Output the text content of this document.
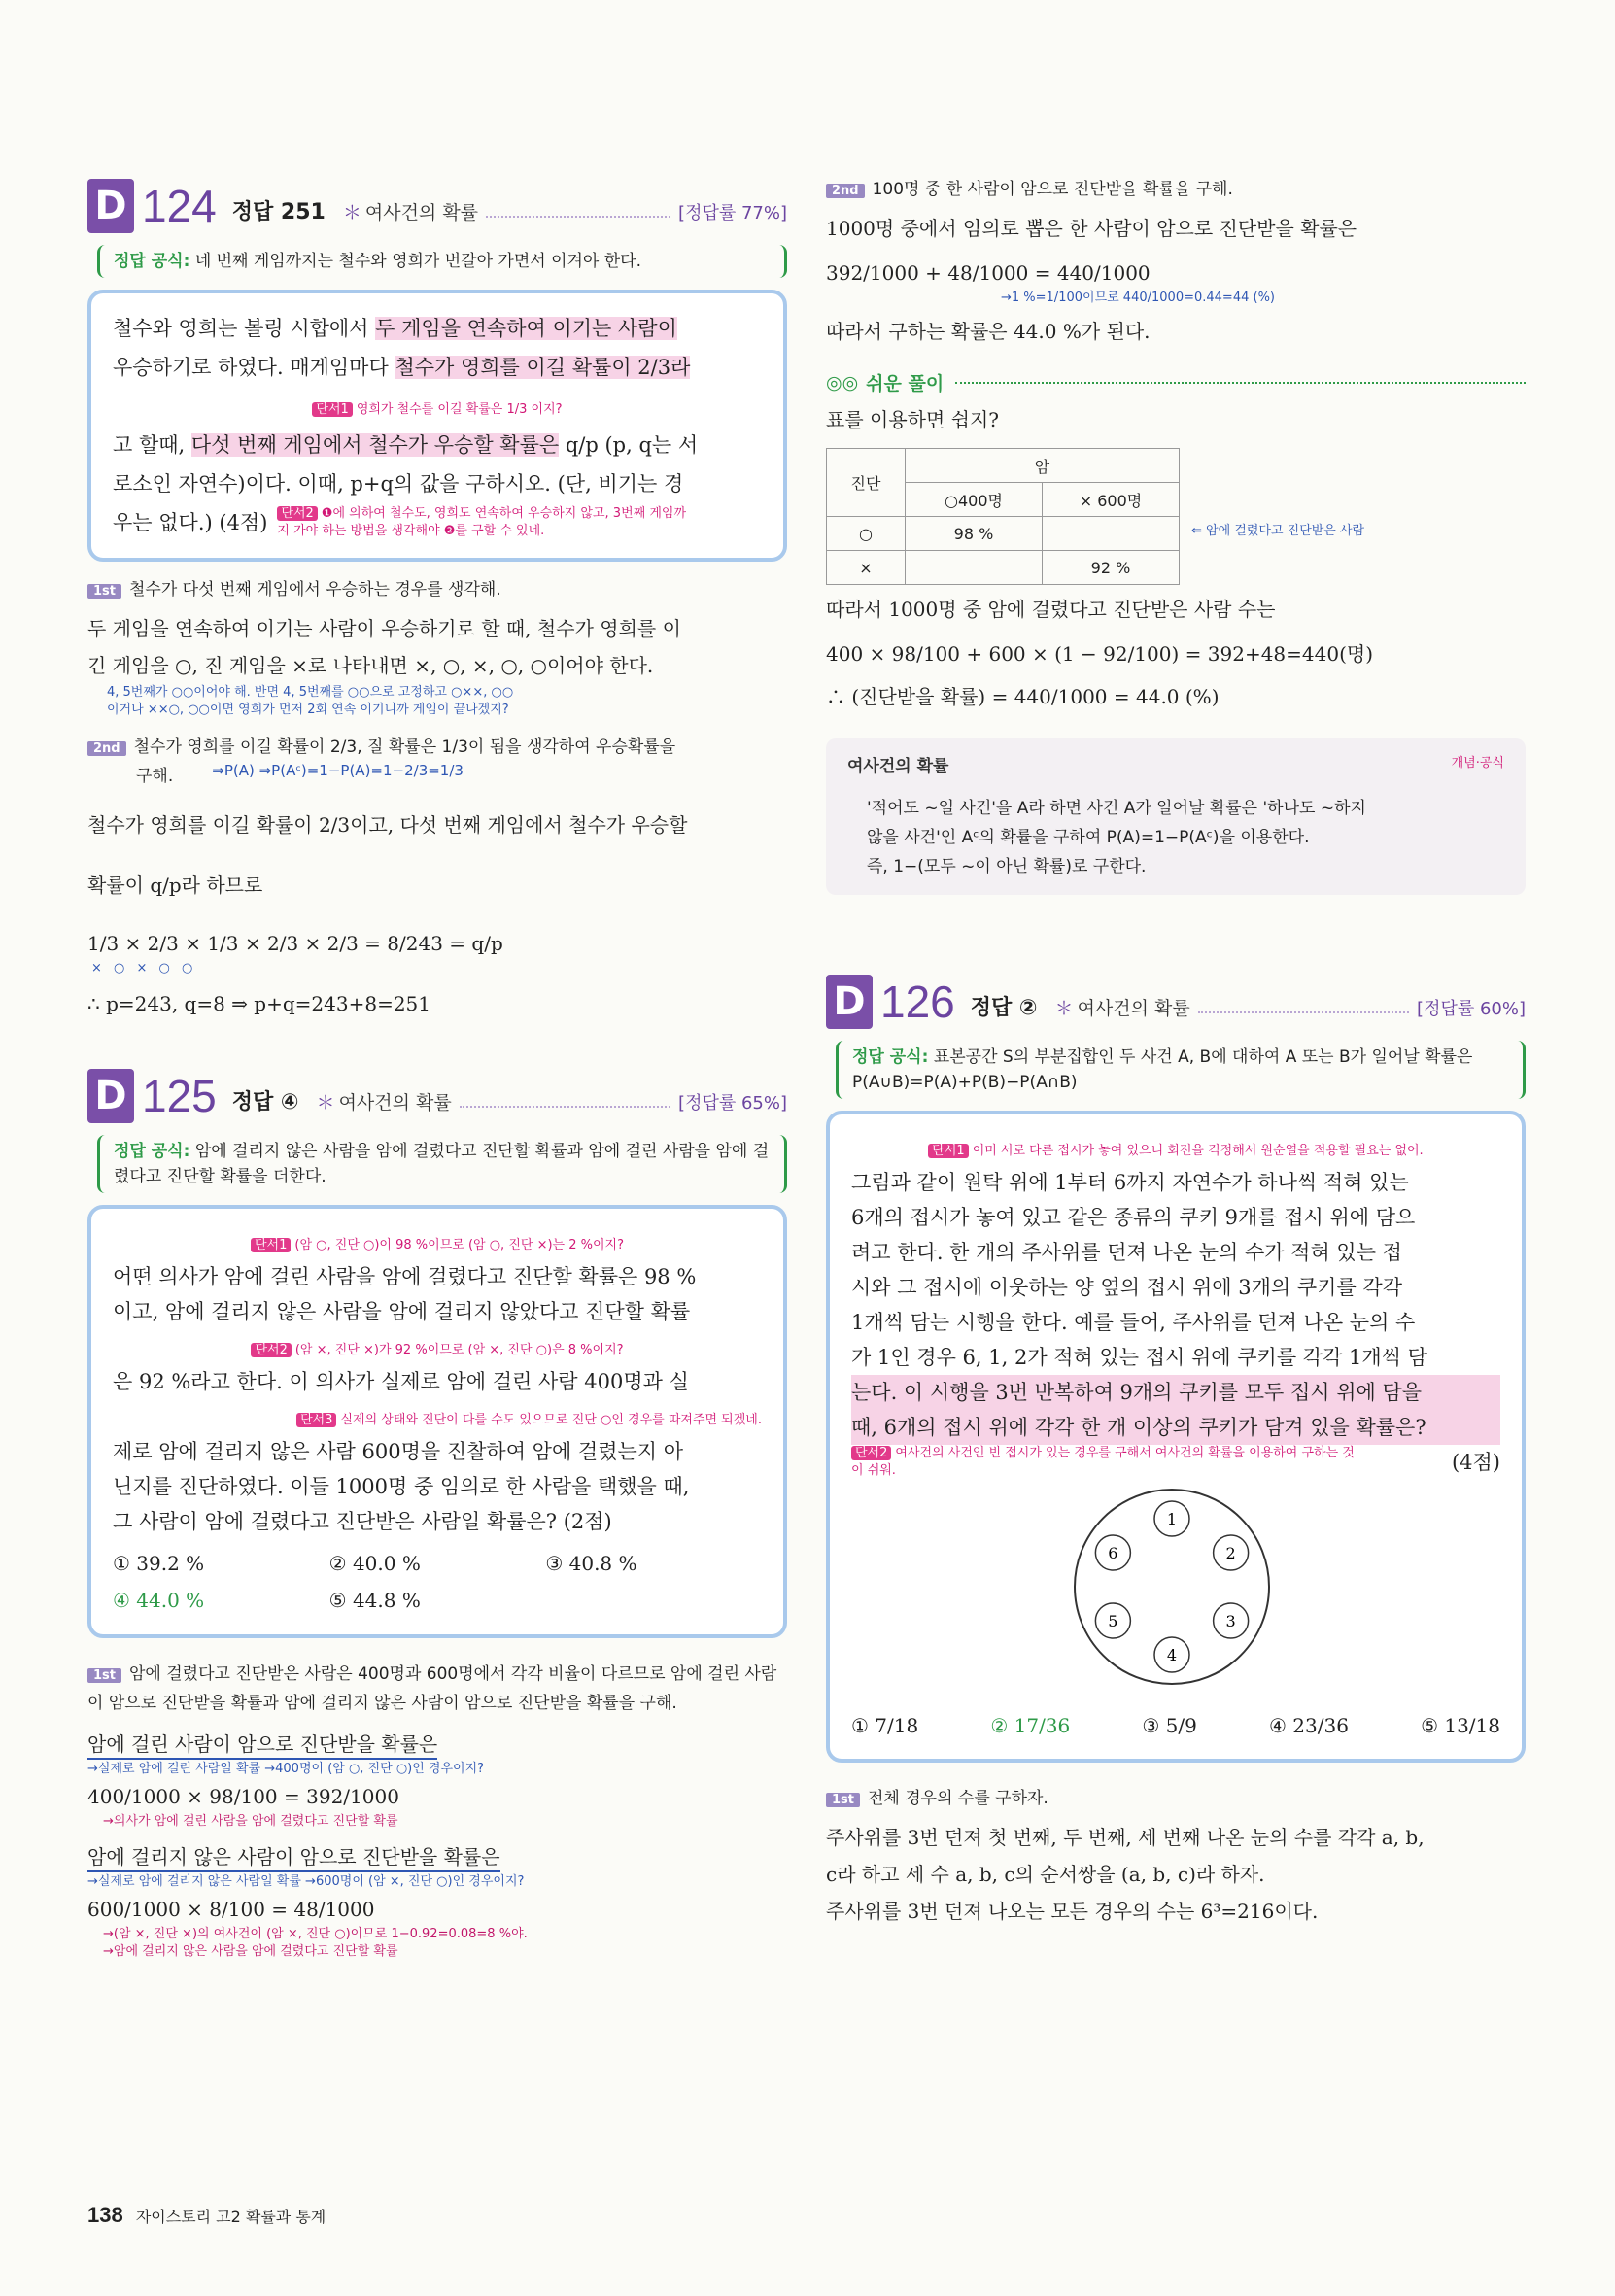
D 124 정답 251	＊ 여사건의 확률	[정답률 77%]
정답 공식: 네 번째 게임까지는 철수와 영희가 번갈아 가면서 이겨야 한다.
철수와 영희는 볼링 시합에서 두 게임을 연속하여 이기는 사람이
우승하기로 하였다. 매게임마다 철수가 영희를 이길 확률이 2/3라
단서1 영희가 철수를 이길 확률은 1/3 이지?
고 할때, 다섯 번째 게임에서 철수가 우승할 확률은 q/p (p, q는 서
로소인 자연수)이다. 이때, p+q의 값을 구하시오. (단, 비기는 경
우는 없다.) (4점)	단서2 ❶에 의하여 철수도, 영희도 연속하여 우승하지 않고, 3번째 게임까지 가야 하는 방법을 생각해야 ❷를 구할 수 있네.
1st 철수가 다섯 번째 게임에서 우승하는 경우를 생각해.
두 게임을 연속하여 이기는 사람이 우승하기로 할 때, 철수가 영희를 이
긴 게임을 ○, 진 게임을 ×로 나타내면 ×, ○, ×, ○, ○이어야 한다.
4, 5번째가 ○○이어야 해. 반면 4, 5번째를 ○○으로 고정하고 ○××, ○○
이거나 ××○, ○○이면 영희가 먼저 2회 연속 이기니까 게임이 끝나겠지?
2nd 철수가 영희를 이길 확률이 2/3, 질 확률은 1/3이 됨을 생각하여 우승확률을
구해.	⇒P(A) ⇒P(Aᶜ)=1−P(A)=1−2/3=1/3
철수가 영희를 이길 확률이 2/3이고, 다섯 번째 게임에서 철수가 우승할
확률이 q/p라 하므로
1/3 × 2/3 × 1/3 × 2/3 × 2/3 = 8/243 = q/p
× ○ × ○ ○
∴ p=243, q=8 ⇒ p+q=243+8=251
D 125 정답 ④	＊ 여사건의 확률	[정답률 65%]
정답 공식: 암에 걸리지 않은 사람을 암에 걸렸다고 진단할 확률과 암에 걸린 사람을 암에 걸렸다고 진단할 확률을 더한다.
단서1 (암 ○, 진단 ○)이 98 %이므로 (암 ○, 진단 ×)는 2 %이지?
어떤 의사가 암에 걸린 사람을 암에 걸렸다고 진단할 확률은 98 %
이고, 암에 걸리지 않은 사람을 암에 걸리지 않았다고 진단할 확률
단서2 (암 ×, 진단 ×)가 92 %이므로 (암 ×, 진단 ○)은 8 %이지?
은 92 %라고 한다. 이 의사가 실제로 암에 걸린 사람 400명과 실
단서3 실제의 상태와 진단이 다를 수도 있으므로 진단 ○인 경우를 따져주면 되겠네.
제로 암에 걸리지 않은 사람 600명을 진찰하여 암에 걸렸는지 아
닌지를 진단하였다. 이들 1000명 중 임의로 한 사람을 택했을 때,
그 사람이 암에 걸렸다고 진단받은 사람일 확률은? (2점)
① 39.2 %	② 40.0 %	③ 40.8 %
④ 44.0 %	⑤ 44.8 %
1st 암에 걸렸다고 진단받은 사람은 400명과 600명에서 각각 비율이 다르므로 암에 걸린 사람이 암으로 진단받을 확률과 암에 걸리지 않은 사람이 암으로 진단받을 확률을 구해.
암에 걸린 사람이 암으로 진단받을 확률은
→실제로 암에 걸린 사람일 확률 →400명이 (암 ○, 진단 ○)인 경우이지?
400/1000 × 98/100 = 392/1000
→의사가 암에 걸린 사람을 암에 걸렸다고 진단할 확률
암에 걸리지 않은 사람이 암으로 진단받을 확률은
→실제로 암에 걸리지 않은 사람일 확률 →600명이 (암 ×, 진단 ○)인 경우이지?
600/1000 × 8/100 = 48/1000
→(암 ×, 진단 ×)의 여사건이 (암 ×, 진단 ○)이므로 1−0.92=0.08=8 %야.
→암에 걸리지 않은 사람을 암에 걸렸다고 진단할 확률
2nd 100명 중 한 사람이 암으로 진단받을 확률을 구해.
1000명 중에서 임의로 뽑은 한 사람이 암으로 진단받을 확률은
392/1000 + 48/1000 = 440/1000
→1 %=1/100이므로 440/1000=0.44=44 (%)
따라서 구하는 확률은 44.0 %가 된다.
◎◎ 쉬운 풀이
표를 이용하면 쉽지?
진단	암	
	○400명	× 600명
○	98 %	
×		92 %
⇐ 암에 걸렸다고 진단받은 사람
따라서 1000명 중 암에 걸렸다고 진단받은 사람 수는
400 × 98/100 + 600 × (1 − 92/100) = 392+48=440(명)
∴ (진단받을 확률) = 440/1000 = 44.0 (%)
여사건의 확률	개념·공식
'적어도 ~일 사건'을 A라 하면 사건 A가 일어날 확률은 '하나도 ~하지
않을 사건'인 Aᶜ의 확률을 구하여 P(A)=1−P(Aᶜ)을 이용한다.
즉, 1−(모두 ~이 아닌 확률)로 구한다.
D 126 정답 ②	＊ 여사건의 확률	[정답률 60%]
정답 공식: 표본공간 S의 부분집합인 두 사건 A, B에 대하여 A 또는 B가 일어날 확률은 P(A∪B)=P(A)+P(B)−P(A∩B)
단서1 이미 서로 다른 접시가 놓여 있으니 회전을 걱정해서 원순열을 적용할 필요는 없어.
그림과 같이 원탁 위에 1부터 6까지 자연수가 하나씩 적혀 있는
6개의 접시가 놓여 있고 같은 종류의 쿠키 9개를 접시 위에 담으
려고 한다. 한 개의 주사위를 던져 나온 눈의 수가 적혀 있는 접
시와 그 접시에 이웃하는 양 옆의 접시 위에 3개의 쿠키를 각각
1개씩 담는 시행을 한다. 예를 들어, 주사위를 던져 나온 눈의 수
가 1인 경우 6, 1, 2가 적혀 있는 접시 위에 쿠키를 각각 1개씩 담
는다. 이 시행을 3번 반복하여 9개의 쿠키를 모두 접시 위에 담을
때, 6개의 접시 위에 각각 한 개 이상의 쿠키가 담겨 있을 확률은?
단서2 여사건의 사건인 빈 접시가 있는 경우를 구해서 여사건의 확률을 이용하여 구하는 것이 쉬워.	(4점)
1
2
3
4
5
6
① 7/18	② 17/36	③ 5/9	④ 23/36	⑤ 13/18
1st 전체 경우의 수를 구하자.
주사위를 3번 던져 첫 번째, 두 번째, 세 번째 나온 눈의 수를 각각 a, b,
c라 하고 세 수 a, b, c의 순서쌍을 (a, b, c)라 하자.
주사위를 3번 던져 나오는 모든 경우의 수는 6³=216이다.
138 자이스토리 고2 확률과 통계
